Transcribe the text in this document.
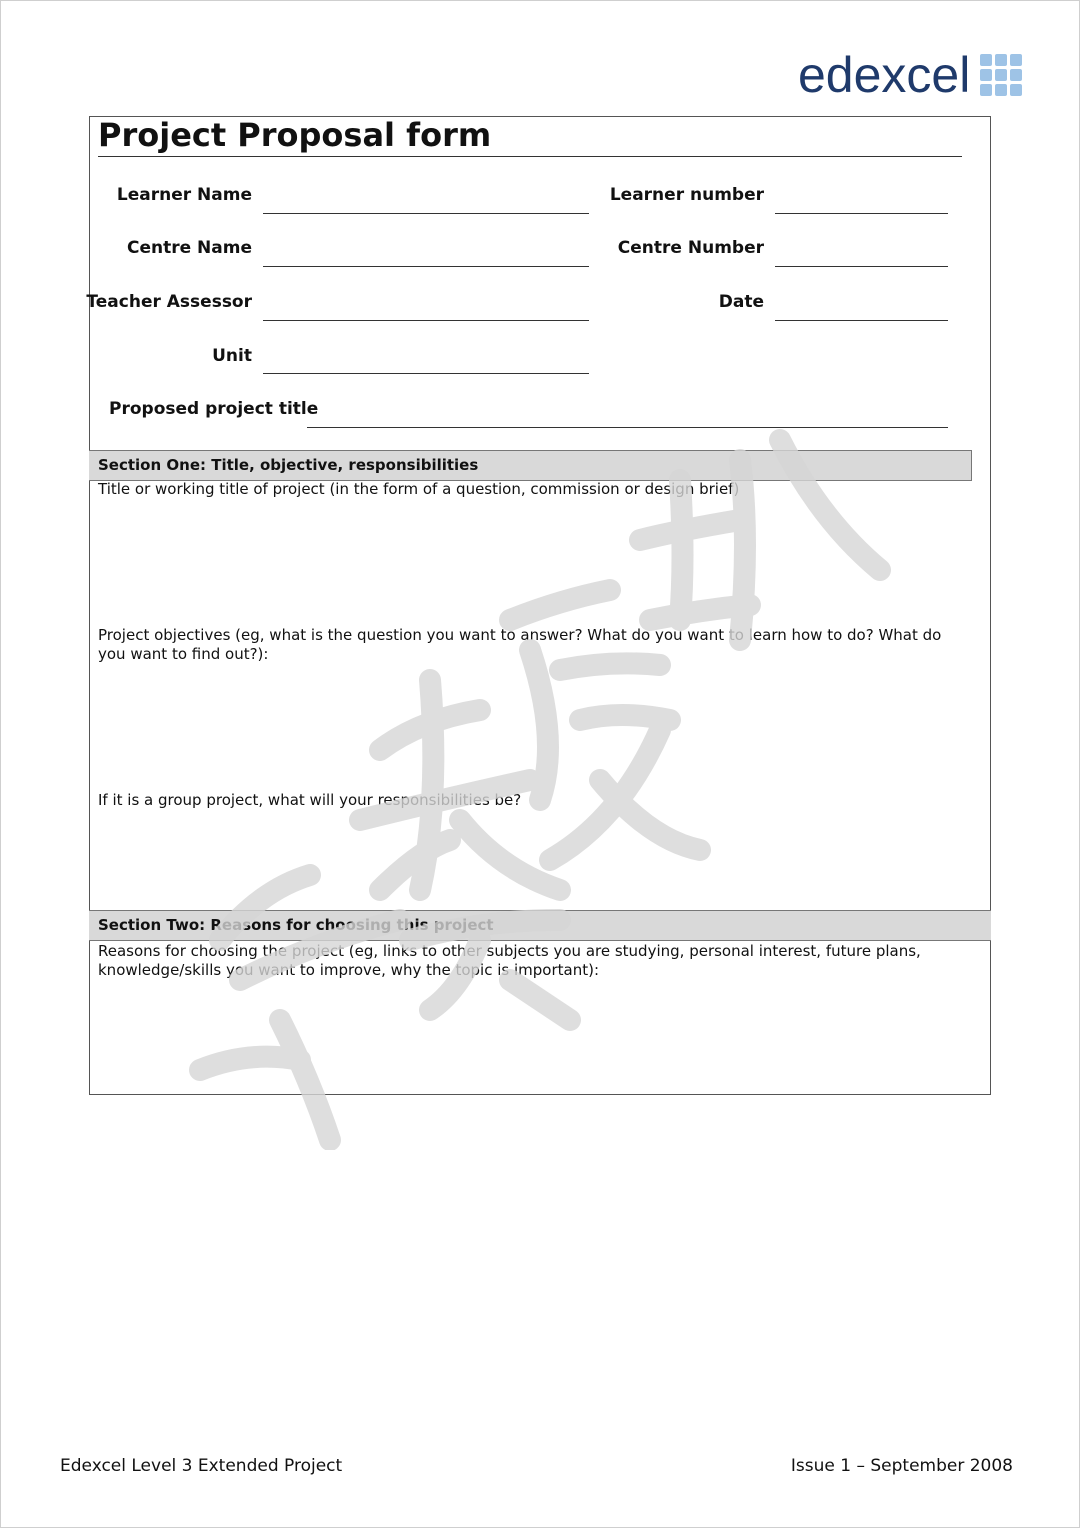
edexcel
Project Proposal form
Learner Name
Centre Name
Teacher Assessor
Unit
Learner number
Centre Number
Date
Proposed project title
Section One: Title, objective, responsibilities
Title or working title of project (in the form of a question, commission or design brief)
Project objectives (eg, what is the question you want to answer? What do you want to learn how to do? What do you want to find out?):
If it is a group project, what will your responsibilities be?
Section Two: Reasons for choosing this project
Reasons for choosing the project (eg, links to other subjects you are studying, personal interest, future plans, knowledge/skills you want to improve, why the topic is important):
严禁复制
Edexcel Level 3 Extended Project	Issue 1 – September 2008
